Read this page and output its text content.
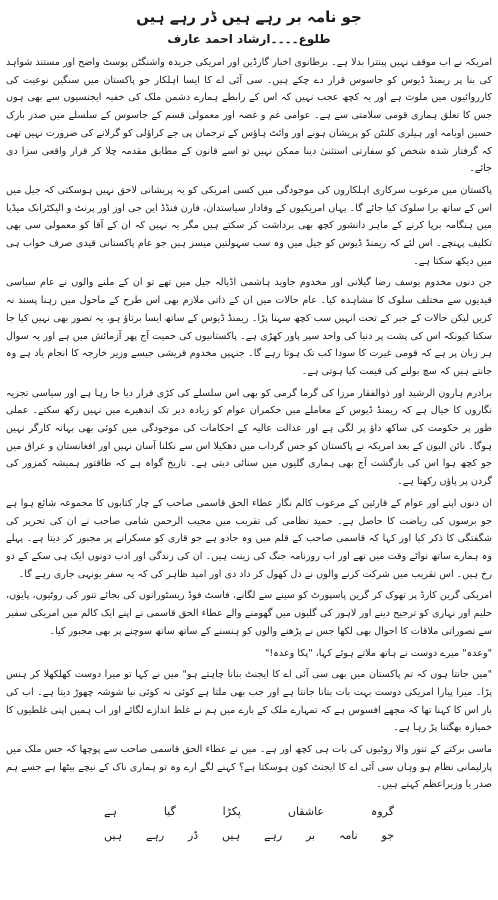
جو نامہ بر رہے ہیں ڈر رہے ہیں
طلوع۔۔۔۔ارشاد احمد عارف

امریکہ نے اب موقف نہیں پینترا بدلا ہے۔ برطانوی اخبار گارڈین اور امریکی جریدہ واشنگٹن پوسٹ واضح اور مستند شواہد کی بنا پر ریمنڈ ڈیوس کو جاسوس قرار دے چکے ہیں۔ سی آئی اے کا ایسا اہلکار جو پاکستان میں سنگین نوعیت کی کارروائیوں میں ملوث ہے اور یہ کچھ عجب نہیں کہ اس کے رابطے ہمارے دشمن ملک کی خفیہ ایجنسیوں سے بھی ہوں جس کا تعلق ہماری قومی سلامتی سے ہے۔ عوامی غم و غصہ اور معمولی قسم کے جاسوس کے سلسلے میں صدر بارک حسین اوبامہ اور ہیلری کلنٹن کو پریشان ہونے اور وائٹ ہاؤس کے ترجمان پی جے کراؤلی کو گرلانے کی ضرورت نہیں تھی کہ گرفتار شدہ شخص کو سفارتی استثنیٰ دینا ممکن نہیں تو اسے قانون کے مطابق مقدمہ چلا کر قرار واقعی سزا دی جائے۔

پاکستان میں مرغوب سرکاری اہلکاروں کی موجودگی میں کسی امریکی کو یہ پریشانی لاحق نہیں ہوسکتی کہ جیل میں اس کے ساتھ برا سلوک کیا جائے گا۔ یہاں امریکیوں کے وفادار سیاستدان، فارن فنڈڈ این جی اوز اور پرنٹ و الیکٹرانک میڈیا میں ہنگامہ برپا کرنے کے ماہر دانشور کچھ بھی برداشت کر سکتے ہیں مگر یہ نہیں کہ ان کے آقا کو معمولی سی بھی تکلیف پہنچے۔ اس لئے کہ ریمنڈ ڈیوس کو جیل میں وہ سب سہولتیں میسر ہیں جو عام پاکستانی قیدی صرف خواب ہی میں دیکھ سکتا ہے۔

جن دنوں مخدوم یوسف رضا گیلانی اور مخدوم جاوید ہاشمی اڈیالہ جیل میں تھے تو ان کے ملنے والوں نے عام سیاسی قیدیوں سے مختلف سلوک کا مشاہدہ کیا۔ عام حالات میں ان کے ذاتی ملازم بھی اس طرح کے ماحول میں رہنا پسند نہ کریں لیکن حالات کے جبر کے تحت انہیں سب کچھ سہنا پڑا۔ ریمنڈ ڈیوس کے ساتھ ایسا برتاؤ ہو، یہ تصور بھی نہیں کیا جا سکتا کیونکہ اس کی پشت پر دنیا کی واحد سپر پاور کھڑی ہے۔ پاکستانیوں کی حمیت آج پھر آزمائش میں ہے اور یہ سوال ہر زبان پر ہے کہ قومی غیرت کا سودا کب تک ہوتا رہے گا۔ جنہیں مخدوم قریشی جیسے وزیر خارجہ کا انجام یاد ہے وہ جانتے ہیں کہ سچ بولنے کی قیمت کیا ہوتی ہے۔

برادرم ہارون الرشید اور ذوالفقار مرزا کی گرما گرمی کو بھی اس سلسلے کی کڑی قرار دیا جا رہا ہے اور سیاسی تجزیہ نگاروں کا خیال ہے کہ ریمنڈ ڈیوس کے معاملے میں حکمران عوام کو زیادہ دیر تک اندھیرے میں نہیں رکھ سکتے۔ عملی طور پر حکومت کی ساکھ داؤ پر لگی ہے اور عدالت عالیہ کے احکامات کی موجودگی میں کوئی بھی بہانہ کارگر نہیں ہوگا۔ نائن الیون کے بعد امریکہ نے پاکستان کو جس گرداب میں دھکیلا اس سے نکلنا آسان نہیں اور افغانستان و عراق میں جو کچھ ہوا اس کی بازگشت آج بھی ہماری گلیوں میں سنائی دیتی ہے۔ تاریخ گواہ ہے کہ طاقتور ہمیشہ کمزور کی گردن پر پاؤں رکھتا ہے۔

ان دنوں اپنے اور عوام کے قارئین کے مرغوب کالم نگار عطاء الحق قاسمی صاحب کے چار کتابوں کا مجموعہ شائع ہوا ہے جو برسوں کی ریاضت کا حاصل ہے۔ حمید نظامی کی تقریب میں مجیب الرحمن شامی صاحب نے ان کی تحریر کی شگفتگی کا ذکر کیا اور کہا کہ قاسمی صاحب کے قلم میں وہ جادو ہے جو قاری کو مسکرانے پر مجبور کر دیتا ہے۔ پہلے وہ ہمارے ساتھ نوائے وقت میں تھے اور اب روزنامہ جنگ کی زینت ہیں۔ ان کی زندگی اور ادب دونوں ایک ہی سکے کے دو رخ ہیں۔ اس تقریب میں شرکت کرنے والوں نے دل کھول کر داد دی اور امید ظاہر کی کہ یہ سفر یونہی جاری رہے گا۔

امریکی گرین کارڈ پر تھوک کر گرین پاسپورٹ کو سینے سے لگانے، فاسٹ فوڈ ریسٹورانوں کی بجائے تنور کی روٹیوں، پایوں، حلیم اور نہاری کو ترجیح دینے اور لاہور کی گلیوں میں گھومنے والے عطاء الحق قاسمی نے اپنے ایک کالم میں امریکی سفیر سے تصوراتی ملاقات کا احوال بھی لکھا جس نے پڑھنے والوں کو ہنسنے کے ساتھ ساتھ سوچنے پر بھی مجبور کیا۔

"وعدہ" میرے دوست نے ہاتھ ملاتے ہوئے کہا، "پکا وعدہ!"

"میں جانتا ہوں کہ تم پاکستان میں بھی سی آئی اے کا ایجنٹ بنانا چاہتے ہو" میں نے کہا تو میرا دوست کھلکھلا کر ہنس پڑا۔ میرا پیارا امریکی دوست بہت بات بنانا جانتا ہے اور جب بھی ملتا ہے کوئی نہ کوئی نیا شوشہ چھوڑ دیتا ہے۔ اب کی بار اس کا کہنا تھا کہ مجھے افسوس ہے کہ تمہارے ملک کے بارے میں ہم نے غلط اندازے لگائے اور اب ہمیں اپنی غلطیوں کا خمیازہ بھگتنا پڑ رہا ہے۔

ماسی برکتے کے تنور والا روٹیوں کی بات ہی کچھ اور ہے۔ میں نے عطاء الحق قاسمی صاحب سے پوچھا کہ جس ملک میں پارلیمانی نظام ہو وہاں سی آئی اے کا ایجنٹ کون ہوسکتا ہے؟ کہنے لگے ارے وہ تو ہماری ناک کے نیچے بیٹھا ہے جسے ہم صدر یا وزیراعظم کہتے ہیں۔

گروہ
عاشقاں
پکڑا
گیا
ہے
جو
نامہ
بر
رہے
ہیں
ڈر
رہے
ہیں
